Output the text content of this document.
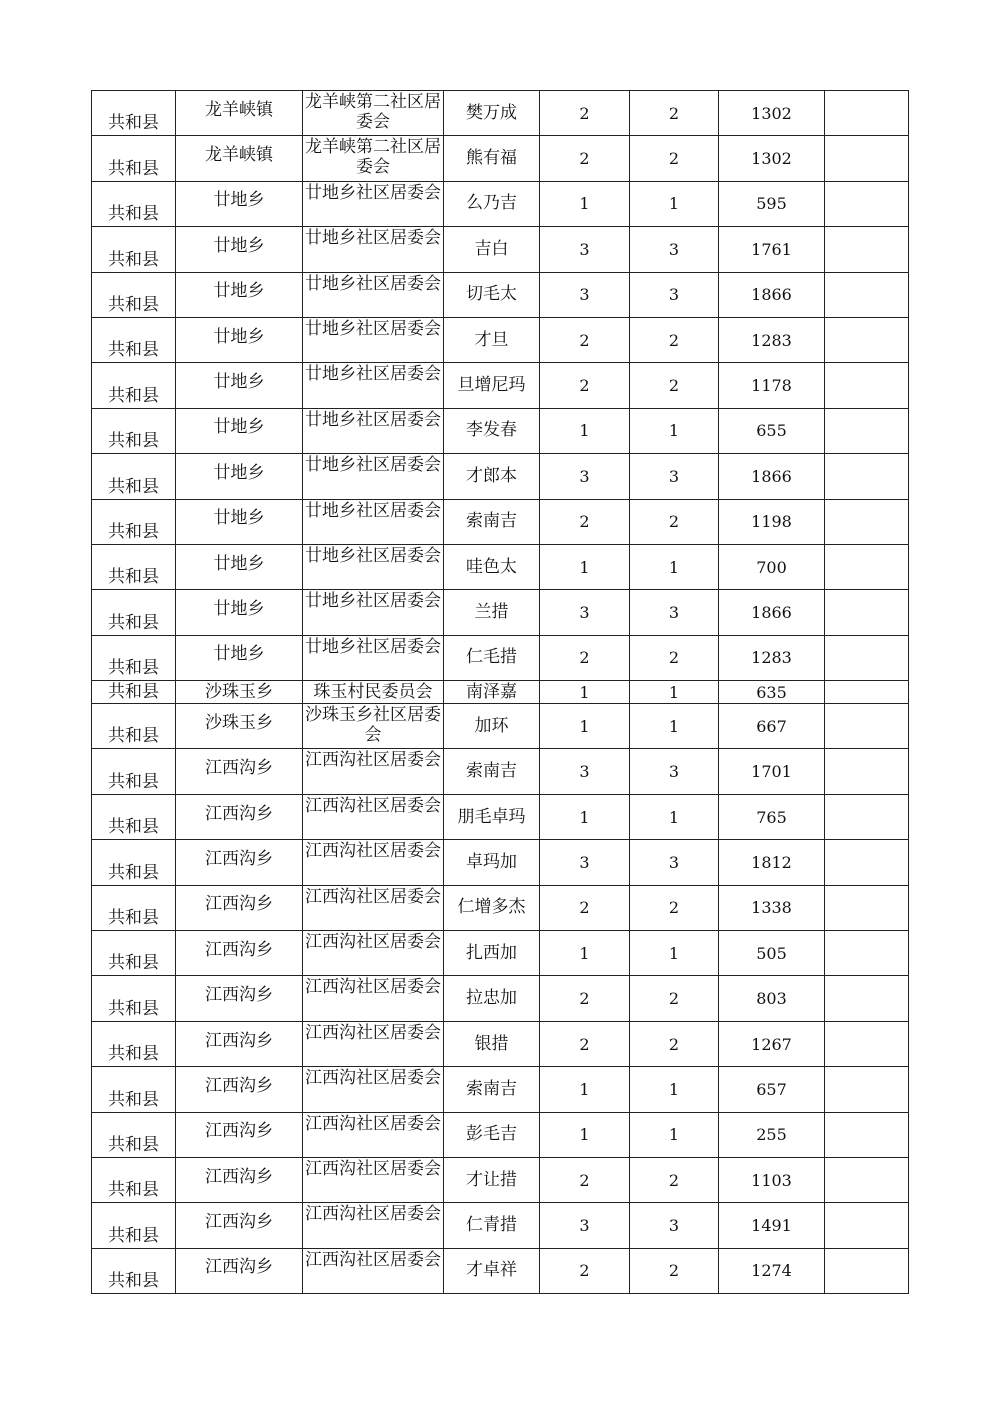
共和县	龙羊峡镇	龙羊峡第二社区居委会	樊万成	2	2	1302	
共和县	龙羊峡镇	龙羊峡第二社区居委会	熊有福	2	2	1302	
共和县	廿地乡	廿地乡社区居委会	么乃吉	1	1	595	
共和县	廿地乡	廿地乡社区居委会	吉白	3	3	1761	
共和县	廿地乡	廿地乡社区居委会	切毛太	3	3	1866	
共和县	廿地乡	廿地乡社区居委会	才旦	2	2	1283	
共和县	廿地乡	廿地乡社区居委会	旦增尼玛	2	2	1178	
共和县	廿地乡	廿地乡社区居委会	李发春	1	1	655	
共和县	廿地乡	廿地乡社区居委会	才郎本	3	3	1866	
共和县	廿地乡	廿地乡社区居委会	索南吉	2	2	1198	
共和县	廿地乡	廿地乡社区居委会	哇色太	1	1	700	
共和县	廿地乡	廿地乡社区居委会	兰措	3	3	1866	
共和县	廿地乡	廿地乡社区居委会	仁毛措	2	2	1283	
共和县	沙珠玉乡	珠玉村民委员会	南泽嘉	1	1	635	
共和县	沙珠玉乡	沙珠玉乡社区居委会	加环	1	1	667	
共和县	江西沟乡	江西沟社区居委会	索南吉	3	3	1701	
共和县	江西沟乡	江西沟社区居委会	朋毛卓玛	1	1	765	
共和县	江西沟乡	江西沟社区居委会	卓玛加	3	3	1812	
共和县	江西沟乡	江西沟社区居委会	仁增多杰	2	2	1338	
共和县	江西沟乡	江西沟社区居委会	扎西加	1	1	505	
共和县	江西沟乡	江西沟社区居委会	拉忠加	2	2	803	
共和县	江西沟乡	江西沟社区居委会	银措	2	2	1267	
共和县	江西沟乡	江西沟社区居委会	索南吉	1	1	657	
共和县	江西沟乡	江西沟社区居委会	彭毛吉	1	1	255	
共和县	江西沟乡	江西沟社区居委会	才让措	2	2	1103	
共和县	江西沟乡	江西沟社区居委会	仁青措	3	3	1491	
共和县	江西沟乡	江西沟社区居委会	才卓祥	2	2	1274	
